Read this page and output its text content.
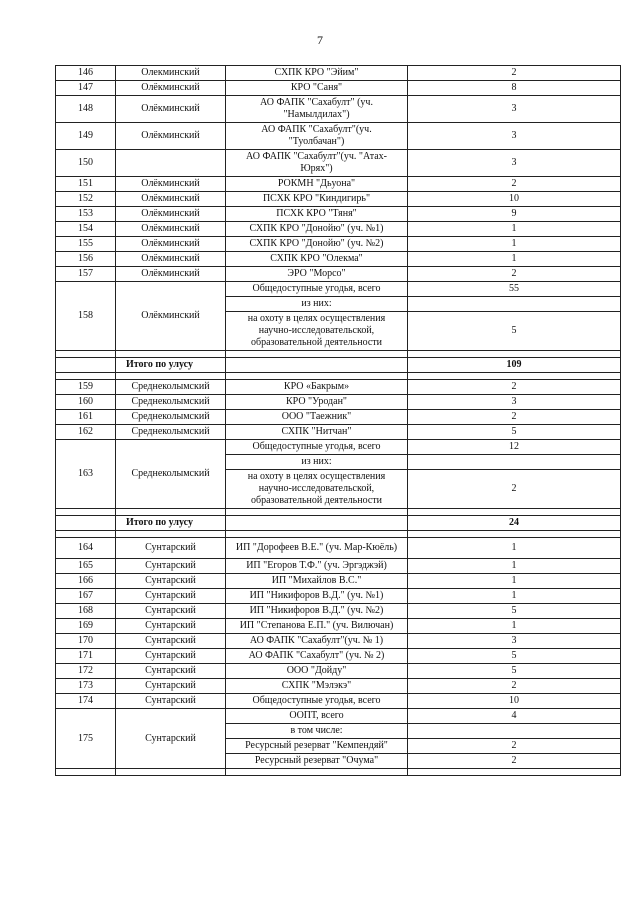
7
146	Олекминский	СХПК КРО "Эйим"	2
147	Олёкминский	КРО "Саня"	8
148	Олёкминский	АО ФАПК "Сахабулт" (уч.
"Намылдилах")	3
149	Олёкминский	АО ФАПК "Сахабулт"(уч.
"Туолбачан")	3
150		АО ФАПК "Сахабулт"(уч. "Атах-
Юрях")	3
151	Олёкминский	РОКМН "Дьуона"	2
152	Олёкминский	ПСХК КРО "Киндигирь"	10
153	Олёкминский	ПСХК КРО "Тяня"	9
154	Олёкминский	СХПК КРО "Донойю" (уч. №1)	1
155	Олёкминский	СХПК КРО "Донойю" (уч. №2)	1
156	Олёкминский	СХПК КРО "Олекма"	1
157	Олёкминский	ЭРО "Морсо"	2
158	Олёкминский	Общедоступные угодья, всего	55
		из них:	
		на охоту в целях осуществления
научно-исследовательской,
образовательной деятельности	5

	Итого по улусу		109

159	Среднеколымский	КРО «Бакрым»	2
160	Среднеколымский	КРО "Уродан"	3
161	Среднеколымский	ООО "Таежник"	2
162	Среднеколымский	СХПК "Нитчан"	5
163	Среднеколымский	Общедоступные угодья, всего	12
		из них:	
		на охоту в целях осуществления
научно-исследовательской,
образовательной деятельности	2

	Итого по улусу		24

164	Сунтарский	ИП "Дорофеев В.Е." (уч. Мар-Кюёль)	1
165	Сунтарский	ИП "Егоров Т.Ф." (уч. Эргэджэй)	1
166	Сунтарский	ИП "Михайлов В.С."	1
167	Сунтарский	ИП "Никифоров В.Д." (уч. №1)	1
168	Сунтарский	ИП "Никифоров В.Д." (уч. №2)	5
169	Сунтарский	ИП "Степанова Е.П." (уч. Вилючан)	1
170	Сунтарский	АО ФАПК "Сахабулт"(уч. № 1)	3
171	Сунтарский	АО ФАПК "Сахабулт" (уч. № 2)	5
172	Сунтарский	ООО "Дойду"	5
173	Сунтарский	СХПК "Мэлэкэ"	2
174	Сунтарский	Общедоступные угодья, всего	10
175	Сунтарский	ООПТ, всего	4
		в том числе:	
		Ресурсный резерват "Кемпендяй"	2
		Ресурсный резерват "Очума"	2
